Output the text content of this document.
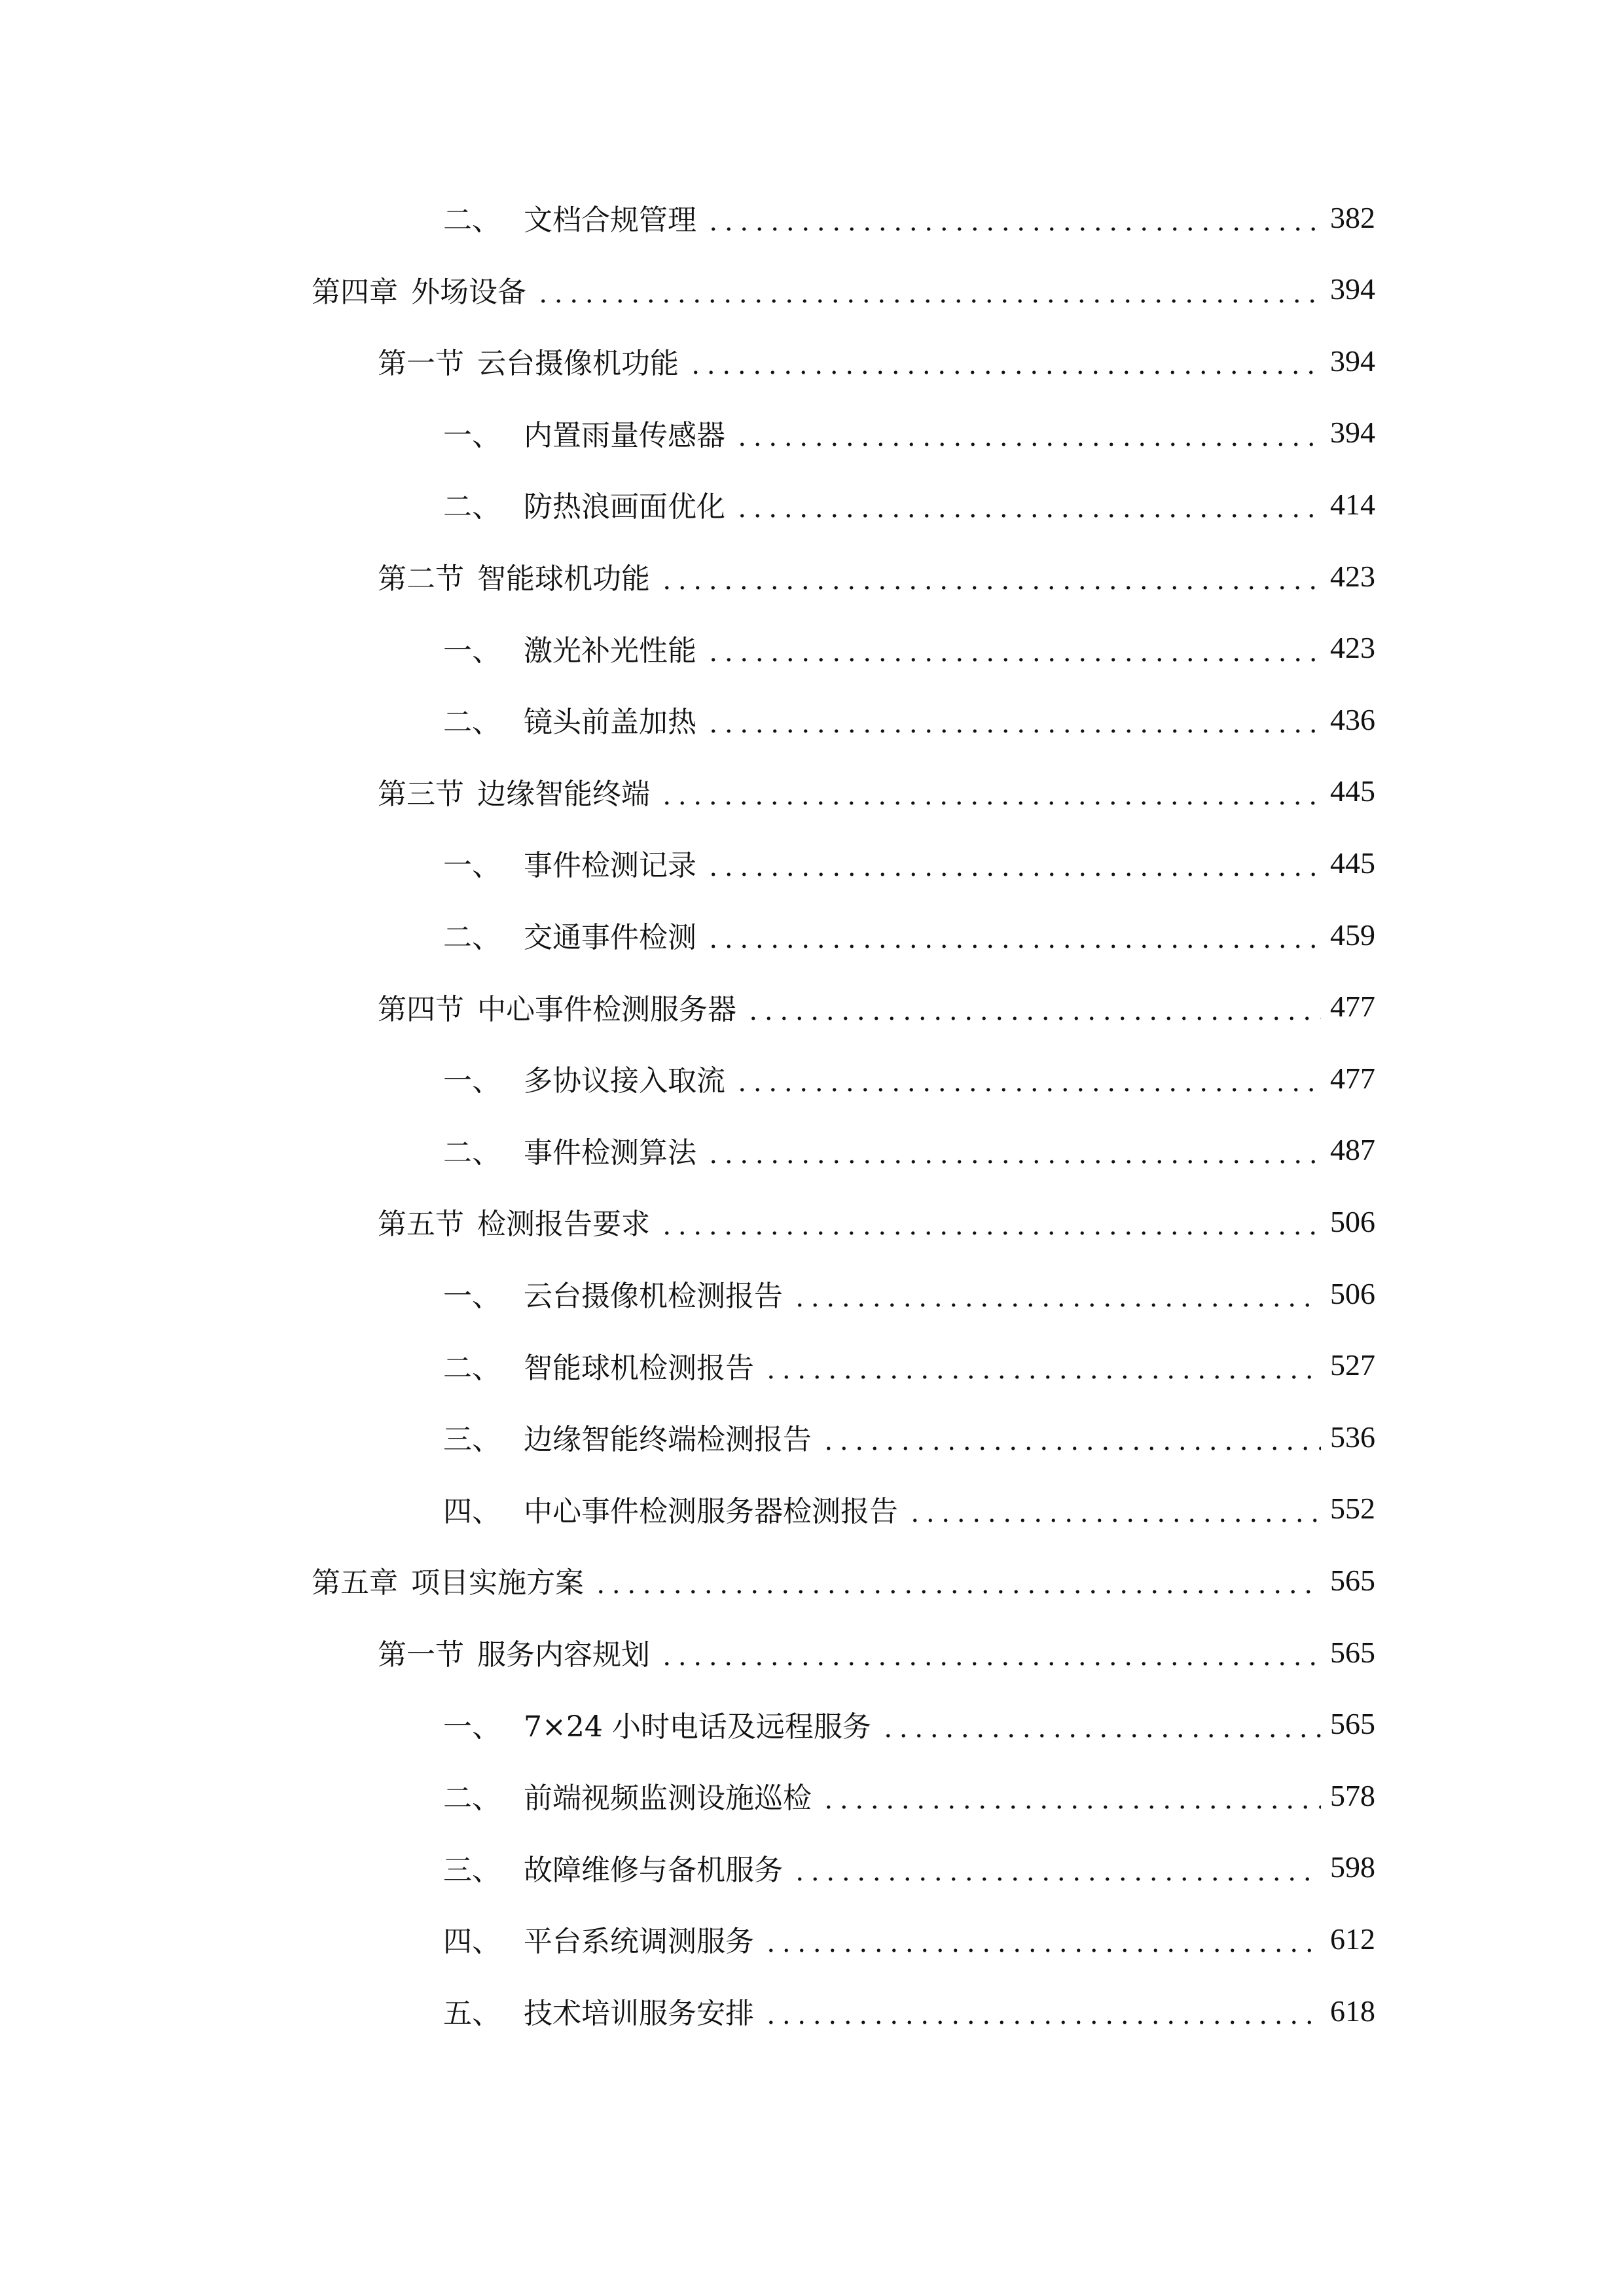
二、 文档合规管理	382
第四章 外场设备	394
第一节 云台摄像机功能	394
一、 内置雨量传感器	394
二、 防热浪画面优化	414
第二节 智能球机功能	423
一、 激光补光性能	423
二、 镜头前盖加热	436
第三节 边缘智能终端	445
一、 事件检测记录	445
二、 交通事件检测	459
第四节 中心事件检测服务器	477
一、 多协议接入取流	477
二、 事件检测算法	487
第五节 检测报告要求	506
一、 云台摄像机检测报告	506
二、 智能球机检测报告	527
三、 边缘智能终端检测报告	536
四、 中心事件检测服务器检测报告	552
第五章 项目实施方案	565
第一节 服务内容规划	565
一、 7×24 小时电话及远程服务	565
二、 前端视频监测设施巡检	578
三、 故障维修与备机服务	598
四、 平台系统调测服务	612
五、 技术培训服务安排	618
